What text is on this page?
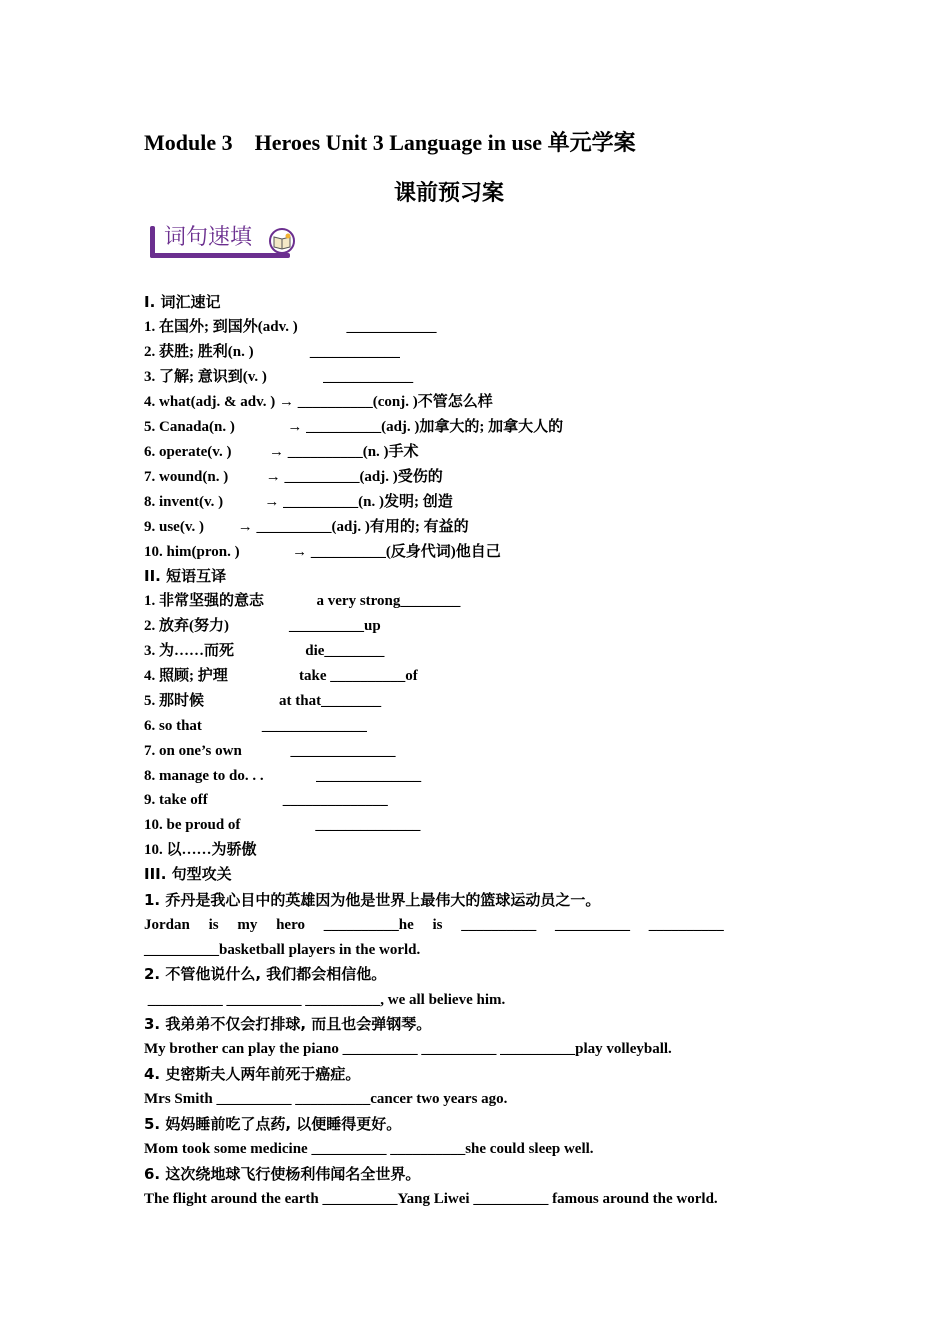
Module 3    Heroes Unit 3 Language in use 单元学案
课前预习案
词句速填
I. 词汇速记
1. 在国外; 到国外(adv. )             ____________
2. 获胜; 胜利(n. )               ____________
3. 了解; 意识到(v. )               ____________
4. what(adj. & adv. ) → __________(conj. )不管怎么样
5. Canada(n. )              → __________(adj. )加拿大的; 加拿大人的
6. operate(v. )          → __________(n. )手术
7. wound(n. )          → __________(adj. )受伤的
8. invent(v. )           → __________(n. )发明; 创造
9. use(v. )         → __________(adj. )有用的; 有益的
10. him(pron. )              → __________(反身代词)他自己
II. 短语互译
1. 非常坚强的意志              a very strong________
2. 放弃(努力)                __________up
3. 为……而死                   die________
4. 照顾; 护理                   take __________of
5. 那时候                    at that________
6. so that                ______________
7. on one’s own             ______________
8. manage to do. . .              ______________
9. take off                    ______________
10. be proud of                    ______________
10. 以……为骄傲
III. 句型攻关
1. 乔丹是我心目中的英雄因为他是世界上最伟大的篮球运动员之一。
Jordan     is     my     hero     __________he     is     __________     __________     __________
__________basketball players in the world.
2. 不管他说什么, 我们都会相信他。
__________ __________ __________, we all believe him.
3. 我弟弟不仅会打排球, 而且也会弹钢琴。
My brother can play the piano __________ __________ __________play volleyball.
4. 史密斯夫人两年前死于癌症。
Mrs Smith __________ __________cancer two years ago.
5. 妈妈睡前吃了点药, 以便睡得更好。
Mom took some medicine __________ __________she could sleep well.
6. 这次绕地球飞行使杨利伟闻名全世界。
The flight around the earth __________Yang Liwei __________ famous around the world.
